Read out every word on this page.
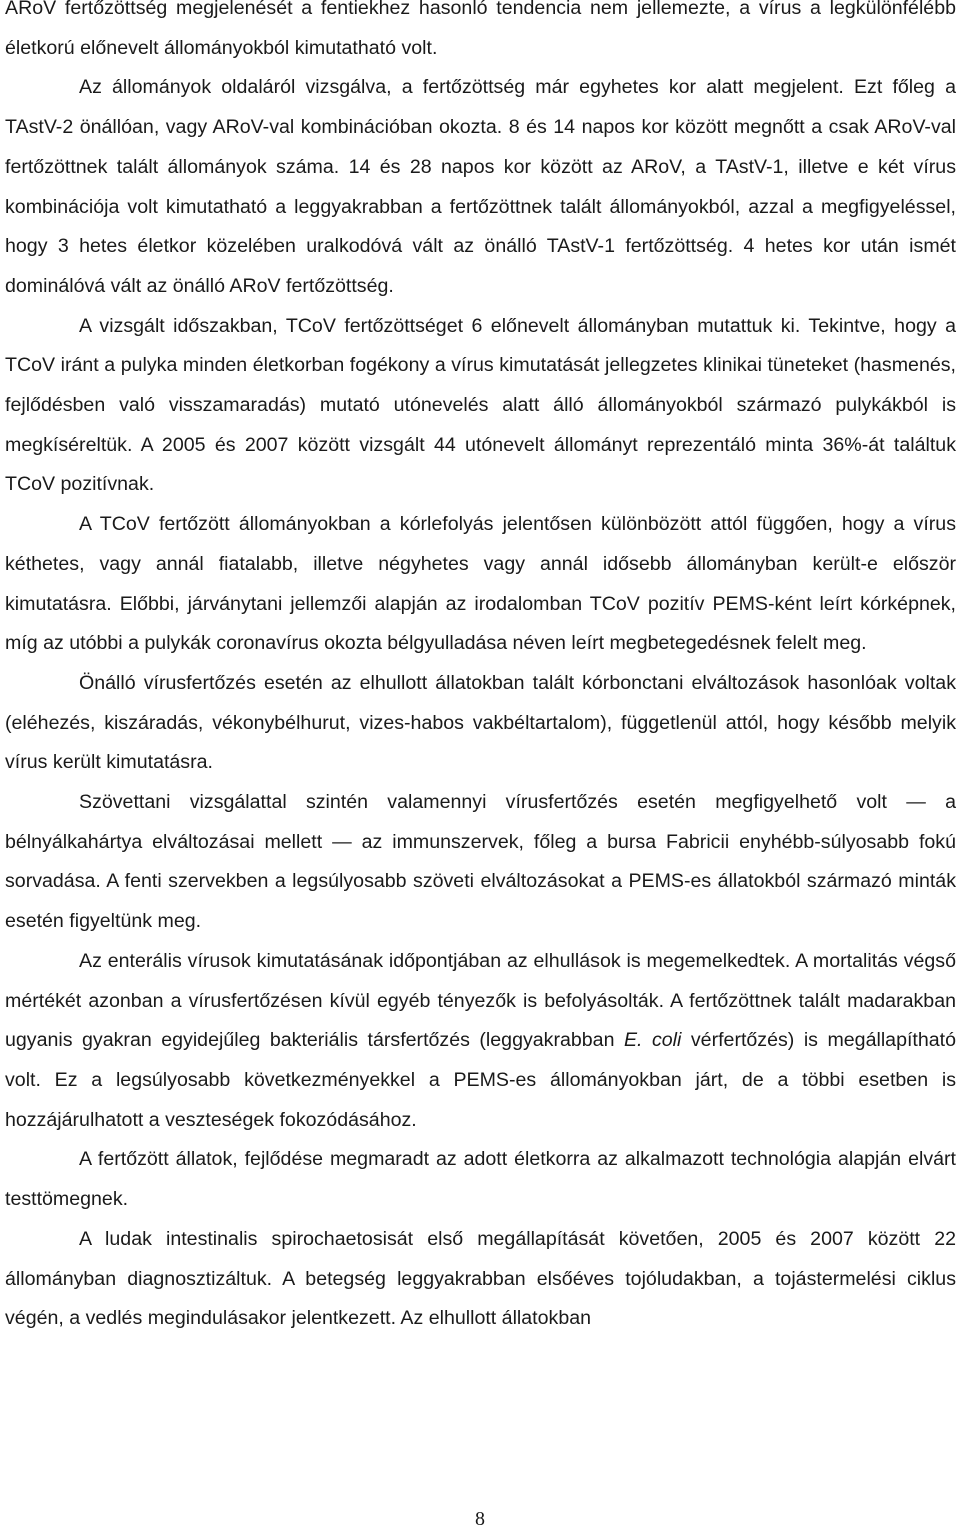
ARoV fertőzöttség megjelenését a fentiekhez hasonló tendencia nem jellemezte, a vírus a legkülönfélébb életkorú előnevelt állományokból kimutatható volt.

Az állományok oldaláról vizsgálva, a fertőzöttség már egyhetes kor alatt megjelent. Ezt főleg a TAstV-2 önállóan, vagy ARoV-val kombinációban okozta. 8 és 14 napos kor között megnőtt a csak ARoV-val fertőzöttnek talált állományok száma. 14 és 28 napos kor között az ARoV, a TAstV-1, illetve e két vírus kombinációja volt kimutatható a leggyakrabban a fertőzöttnek talált állományokból, azzal a megfigyeléssel, hogy 3 hetes életkor közelében uralkodóvá vált az önálló TAstV-1 fertőzöttség. 4 hetes kor után ismét dominálóvá vált az önálló ARoV fertőzöttség.

A vizsgált időszakban, TCoV fertőzöttséget 6 előnevelt állományban mutattuk ki. Tekintve, hogy a TCoV iránt a pulyka minden életkorban fogékony a vírus kimutatását jellegzetes klinikai tüneteket (hasmenés, fejlődésben való visszamaradás) mutató utónevelés alatt álló állományokból származó pulykákból is megkíséreltük. A 2005 és 2007 között vizsgált 44 utónevelt állományt reprezentáló minta 36%-át találtuk TCoV pozitívnak.

A TCoV fertőzött állományokban a kórlefolyás jelentősen különbözött attól függően, hogy a vírus kéthetes, vagy annál fiatalabb, illetve négyhetes vagy annál idősebb állományban került-e először kimutatásra. Előbbi, járványtani jellemzői alapján az irodalomban TCoV pozitív PEMS-ként leírt kórképnek, míg az utóbbi a pulykák coronavírus okozta bélgyulladása néven leírt megbetegedésnek felelt meg.

Önálló vírusfertőzés esetén az elhullott állatokban talált kórbonctani elváltozások hasonlóak voltak (eléhezés, kiszáradás, vékonybélhurut, vizes-habos vakbéltartalom), függetlenül attól, hogy később melyik vírus került kimutatásra.

Szövettani vizsgálattal szintén valamennyi vírusfertőzés esetén megfigyelhető volt — a bélnyálkahártya elváltozásai mellett — az immunszervek, főleg a bursa Fabricii enyhébb-súlyosabb fokú sorvadása. A fenti szervekben a legsúlyosabb szöveti elváltozásokat a PEMS-es állatokból származó minták esetén figyeltünk meg.

Az enterális vírusok kimutatásának időpontjában az elhullások is megemelkedtek. A mortalitás végső mértékét azonban a vírusfertőzésen kívül egyéb tényezők is befolyásolták. A fertőzöttnek talált madarakban ugyanis gyakran egyidejűleg bakteriális társfertőzés (leggyakrabban E. coli vérfertőzés) is megállapítható volt. Ez a legsúlyosabb következményekkel a PEMS-es állományokban járt, de a többi esetben is hozzájárulhatott a veszteségek fokozódásához.

A fertőzött állatok, fejlődése megmaradt az adott életkorra az alkalmazott technológia alapján elvárt testtömegnek.

A ludak intestinalis spirochaetosisát első megállapítását követően, 2005 és 2007 között 22 állományban diagnosztizáltuk. A betegség leggyakrabban elsőéves tojóludakban, a tojástermelési ciklus végén, a vedlés megindulásakor jelentkezett. Az elhullott állatokban

8
